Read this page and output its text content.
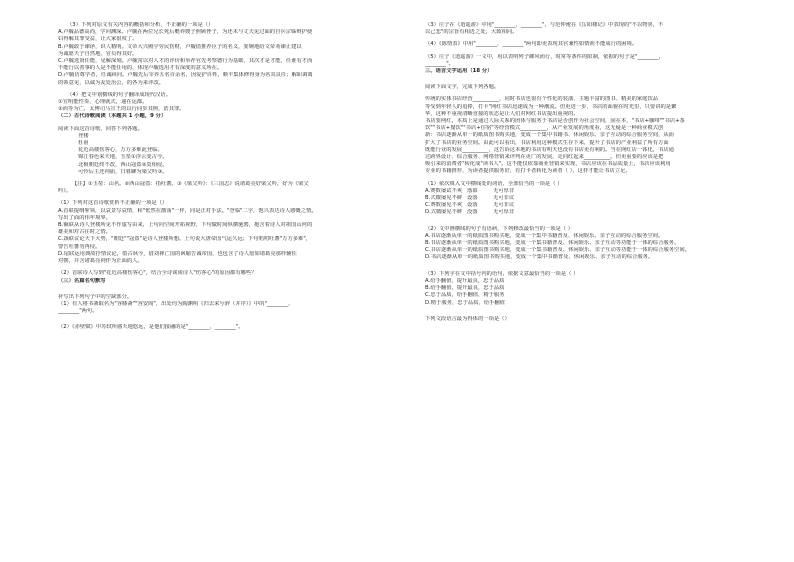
（3）下列对原文有关内容的概括和分析，不正确的一项是（）
A.卢毓品德高尚，学问渊深。卢毓在两位兄长死后赡养嫂子照顾侄子，为还未与丈夫见过面的自兵宗姊辩护使
妇得解其罪受益，让大家很叹了。
B.卢毓敢于谏诤，识人精明。文帝大兴殿宇劳民伤财，卢毓借推荐臣子的名义，委婉地给文帝劝谏止建以
为诚愿天子自然地，官员得其好。
C.卢毓选贤任能，见解深刻。卢毓常以对人才的评价和举荐官先考察德行为基础，其次才是才能，任谁有才而
不能行以善事的人是不能任用的，体现卢毓选用才有深度的意义所在。
D.卢毓仿尊学者，任诚顾问。卢毓先后宰养五名百余名，因爱护百姓，颇丰集体修得身为名其良任；解职调离
的领意见，以诚为友处治公，的各为来评改。
（4）把文中划横线的句子翻译成现代汉语。
①宣明能性奏，心理就式，递在运都。
②而等为亡，太傅司马宣王的以行同步其例，诰其罪。
（二）古代诗歌阅读（本题共 1 小题，9 分）
阅读下面这首诗歌，回答下列各题。
登楼
杜甫
花近高楼伤客心，万方多难此登临。
锦江春色来天地，玉垒①浮云变古今。
北极朝廷终不改，西山寇盗②莫相侵。
可怜后主还祠庙，日暮聊为梁父吟③。
【注】①玉垒：山名。②西山寇盗：指吐蕃。③《梁父吟》：《三国志》说诸葛亮好梁父吟，好为《梁父
吟》。
（1）下列对这首诗歌赏析不正确的一项是（）
A.首联提纲挈领，以哀景写哀情，和"怅然在激荡"一样，同是正对手法。"登临"二字，饱兴表达诗人感慨之情。
写出了面的伟年境界。
B.额联从诗人登楼所见不作虚写由来，上句向空间开拓视野，下句做时间纵横驰骋，抱含着诗人对祖国山河的
雄美和对古往时之情。
C.颈联议论天下大势，"朝廷""寇盗"是诗人登楼所想。上句说大唐帝国气运久远；下句唱叨吐蕃"万方多难"，
警告吐蕃勿再侵。
D.尾联运用典故抒情议论，借古讽今，借刘禅亡国的讽喻告诫帝国，也包含了诗人愿如诸葛亮那样辅佐
对朝，并含诸葛亮祠作为正面的人。
（2）首联诗人写到"花近高楼伤客心"，结合全诗谈谈诗人"伤客心"的原因都有哪些？
（三）名篇名句默写
补写出下列句子中的空缺部分。
（1）有人将书斋取名为"容膝斋""容安阁"，出处均为陶渊明《归去来兮辞（并序）》中的"________，
________"两句。
（2）《赤壁赋》中苏轼所感天地悠远，是他们接融的是"________，________"。
（3）庄子在《逍遥游》中用"________，________"，与范仲淹在《岳阳楼记》中表现的"不以物喜，不
以己悲"的宗旨有相近之处，大致相同。
（4）《陈情表》中用"________，________"两句即更表现其官兼性如情而不能成行的困境。
（5）庄子《逍遥游》一文中，用以表明列子御风而行，时常等条件的限制，依据的句子是"________，
________"。
三、语言文字运用（18 分）
阅读下面文字，完成下列各题。
传统的实体书店经营__________，同时书店也很有个性化的装潢、主题丰富的图书、精美的家庭饮品
等受到年轻人的追捧，打卡"网红书店迅速成为一种潮流。但更进一步，书店的面貌在时光里，只要讲的是繁
华，这种不重视清晰直接的状态是让人们对网红书店提出重视的。
书店要网红，本质上是通过人际关系的团体与服务于书店是否创作为社会空间，固在本，"书店+咖啡""书店+茶
饮""书店+餐饮""书店+住宿"等经营模式__________，从产业发展的角度看，这无疑是一种商业模式创
新：书店逐渐从单一的纸质图书购买地，变成一个集中书籍书、休闲娱乐、亲子互动的综合服务空间，从而
扩大了书店的业务空间。由此可以看出，书店利用这种模式生存下来，提升了书店的产业利益了所有方面
既能行业的发展__________，这告诉这本地的书店有明天也没有书店更有利的。当在网红店一体化，书店通
过跨界设计、综合服务、网络营销来评判在更广的发展，走向红起来__________。但更重要的应该是把
吸引来的消费者"转化成"读书人"。这不能仅依靠商业营销来实现，书店应该在书品质量上，书店应该利用
专业的书籍推荐，为读者提供服务好，有打卡者转化为读者（ ），这样才能让书店立足。
（1）依次填入文中横线处的词语，全部恰当的一项是（ ）
A.赛数 屡试不爽 落幕	无可厚非
B.式微 屡见不鲜 设落	无可非议
C.赛数 屡见不爽 设落	无可非议
D.式微 屡见不鲜 没落	无可厚非
（2）文中画横线的句子有语病，下列修改最恰当的一项是（ ）
A.书店逐渐从单一的纸质图书购买地，变成一个集中书籍普及、休闲娱乐、亲子互动的综合服务空间。
B.书店逐渐从单一的纸质图书购买地，变成一个集书籍普及、休闲娱乐、亲子互动等功能于一体的综合服务。
C.书店逐渐从单一的纸质图书购买地，变成一个集书籍普及、休闲娱乐、亲子互动等功能于一体的综合服务空间。
D.书店逐渐从单一的纸质图书购买地，变成一个集中书籍普及、休闲娱乐、亲子互动的综合服务。
（3）下列字在文中括号内的语句，依据文意最恰当的一项是（ ）
A.给手翻值，提升最良，忠于品质
B.给手翻值，提升最良，忠于品质
C.忠于品质，给手翻值，精于服务
D.精于服务，忠于品质，给手翻值
下列文段语言最为得体的一项是（）
